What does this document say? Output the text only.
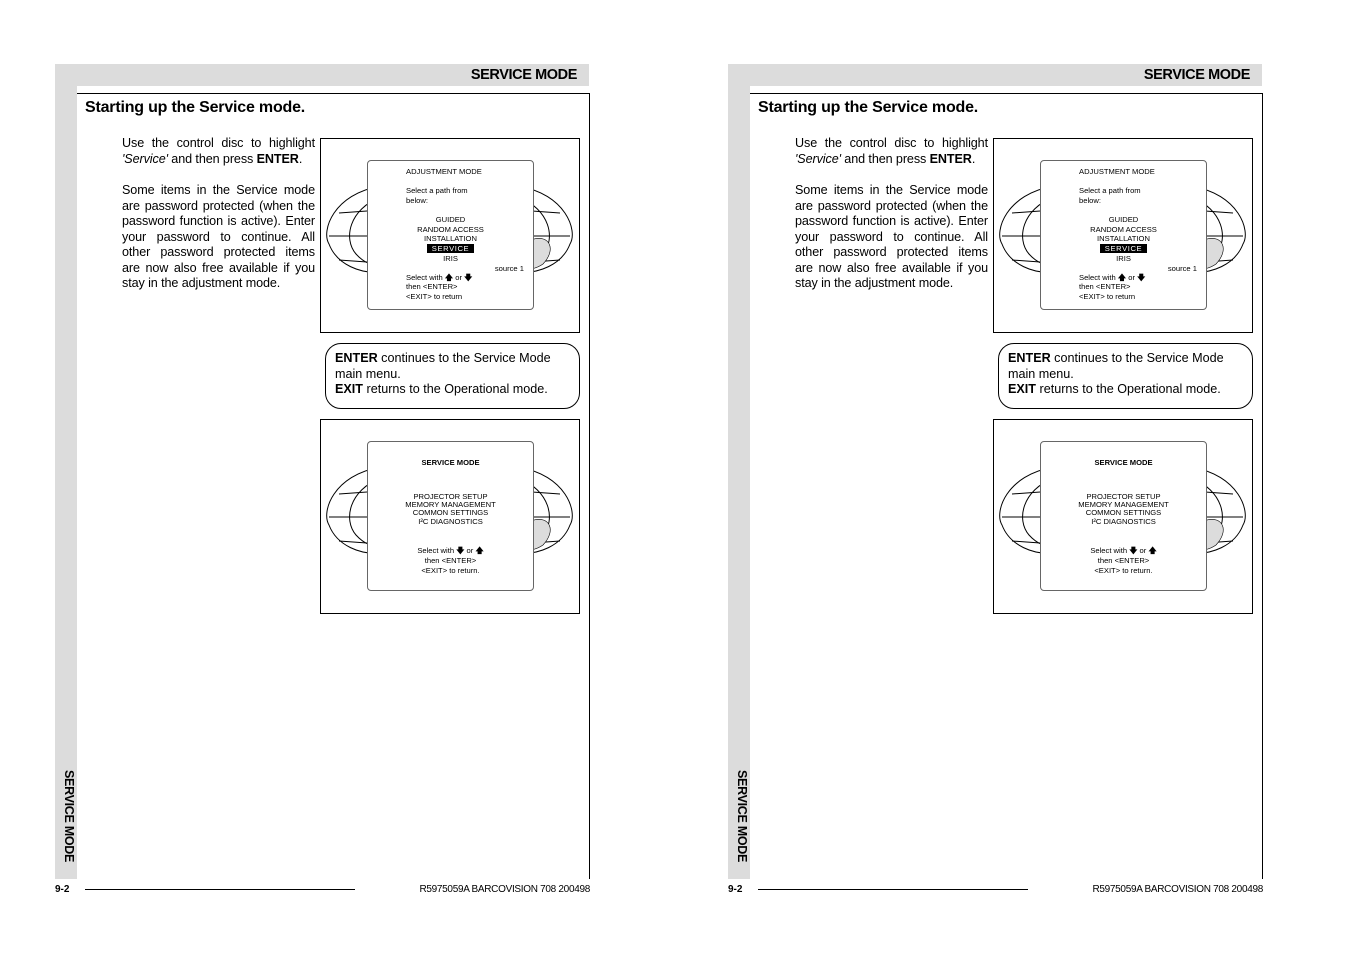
SERVICE MODE
SERVICE MODE
Starting up the Service mode.

Use the control disc to highlight 'Service' and then press ENTER.

Some items in the Service mode are password protected (when the password function is active). Enter your password to continue. All other password protected items are now also free available if you stay in the adjustment mode.

ADJUSTMENT MODE
Select a path from
below:
GUIDED
RANDOM ACCESS
INSTALLATION
SERVICE
IRIS
source 1
Select with 🡅 or 🡇
then <ENTER>
<EXIT> to return
ENTER continues to the Service Mode main menu.
EXIT returns to the Operational mode.
SERVICE MODE
PROJECTOR SETUP
MEMORY MANAGEMENT
COMMON SETTINGS
I²C DIAGNOSTICS
Select with 🡇 or 🡅
then <ENTER>
<EXIT> to return.
9-2	R5975059A BARCOVISION 708 200498
SERVICE MODE
SERVICE MODE
Starting up the Service mode.

Use the control disc to highlight 'Service' and then press ENTER.

Some items in the Service mode are password protected (when the password function is active). Enter your password to continue. All other password protected items are now also free available if you stay in the adjustment mode.

ADJUSTMENT MODE
Select a path from
below:
GUIDED
RANDOM ACCESS
INSTALLATION
SERVICE
IRIS
source 1
Select with 🡅 or 🡇
then <ENTER>
<EXIT> to return
ENTER continues to the Service Mode main menu.
EXIT returns to the Operational mode.
SERVICE MODE
PROJECTOR SETUP
MEMORY MANAGEMENT
COMMON SETTINGS
I²C DIAGNOSTICS
Select with 🡇 or 🡅
then <ENTER>
<EXIT> to return.
9-2	R5975059A BARCOVISION 708 200498
